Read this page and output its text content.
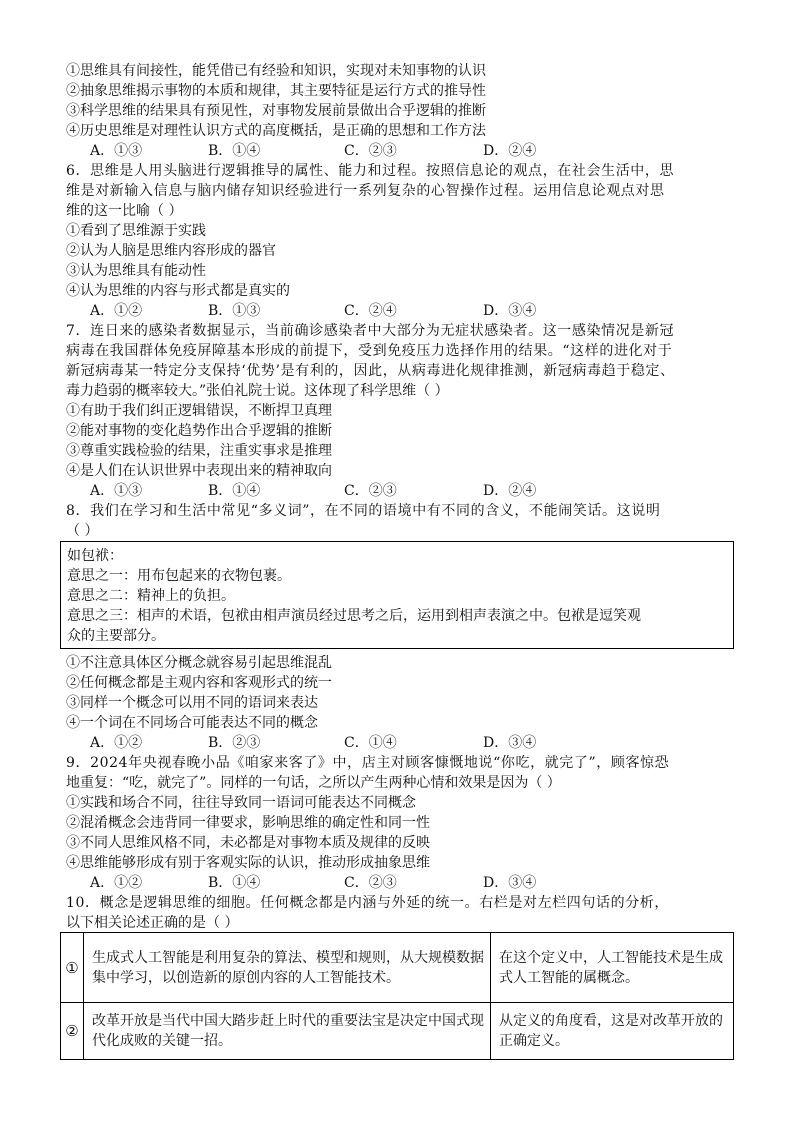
①思维具有间接性，能凭借已有经验和知识，实现对未知事物的认识
②抽象思维揭示事物的本质和规律，其主要特征是运行方式的推导性
③科学思维的结果具有预见性，对事物发展前景做出合乎逻辑的推断
④历史思维是对理性认识方式的高度概括，是正确的思想和工作方法
A．①③	B．①④	C．②③	D．②④
6．思维是人用头脑进行逻辑推导的属性、能力和过程。按照信息论的观点，在社会生活中，思
维是对新输入信息与脑内储存知识经验进行一系列复杂的心智操作过程。运用信息论观点对思
维的这一比喻（ ）
①看到了思维源于实践
②认为人脑是思维内容形成的器官
③认为思维具有能动性
④认为思维的内容与形式都是真实的
A．①②	B．①③	C．②④	D．③④
7．连日来的感染者数据显示，当前确诊感染者中大部分为无症状感染者。这一感染情况是新冠
病毒在我国群体免疫屏障基本形成的前提下，受到免疫压力选择作用的结果。“这样的进化对于
新冠病毒某一特定分支保持‘优势’是有利的，因此，从病毒进化规律推测，新冠病毒趋于稳定、
毒力趋弱的概率较大。”张伯礼院士说。这体现了科学思维（ ）
①有助于我们纠正逻辑错误，不断捍卫真理
②能对事物的变化趋势作出合乎逻辑的推断
③尊重实践检验的结果，注重实事求是推理
④是人们在认识世界中表现出来的精神取向
A．①③	B．①④	C．②③	D．②④
8．我们在学习和生活中常见“多义词”，在不同的语境中有不同的含义，不能闹笑话。这说明
（ ）
如包袱：
意思之一：用布包起来的衣物包裹。
意思之二：精神上的负担。
意思之三：相声的术语，包袱由相声演员经过思考之后，运用到相声表演之中。包袱是逗笑观
众的主要部分。
①不注意具体区分概念就容易引起思维混乱
②任何概念都是主观内容和客观形式的统一
③同样一个概念可以用不同的语词来表达
④一个词在不同场合可能表达不同的概念
A．①②	B．②③	C．①④	D．③④
9．2024年央视春晚小品《咱家来客了》中，店主对顾客慷慨地说“你吃，就完了”，顾客惊恐
地重复：“吃，就完了”。同样的一句话，之所以产生两种心情和效果是因为（ ）
①实践和场合不同，往往导致同一语词可能表达不同概念
②混淆概念会违背同一律要求，影响思维的确定性和同一性
③不同人思维风格不同，未必都是对事物本质及规律的反映
④思维能够形成有别于客观实际的认识，推动形成抽象思维
A．①②	B．①④	C．②③	D．③④
10．概念是逻辑思维的细胞。任何概念都是内涵与外延的统一。右栏是对左栏四句话的分析，
以下相关论述正确的是（ ）
①	生成式人工智能是利用复杂的算法、模型和规则，从大规模数据集中学习，以创造新的原创内容的人工智能技术。	在这个定义中，人工智能技术是生成式人工智能的属概念。
②	改革开放是当代中国大踏步赶上时代的重要法宝是决定中国式现代化成败的关键一招。	从定义的角度看，这是对改革开放的正确定义。
